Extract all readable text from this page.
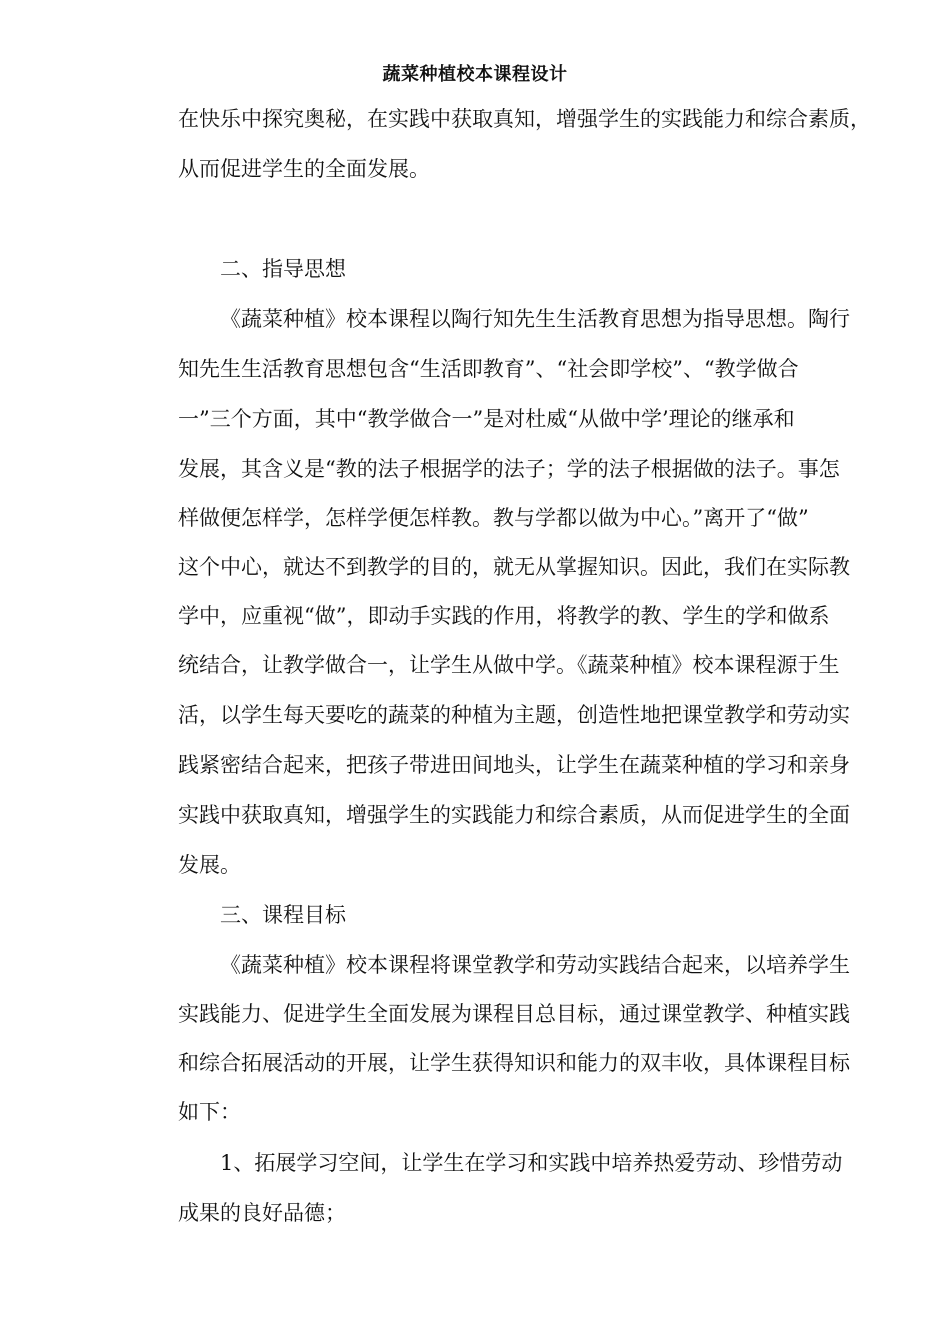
蔬菜种植校本课程设计
在快乐中探究奥秘，在实践中获取真知，增强学生的实践能力和综合素质，
从而促进学生的全面发展。
二、指导思想
《蔬菜种植》校本课程以陶行知先生生活教育思想为指导思想。陶行
知先生生活教育思想包含“生活即教育”、“社会即学校”、“教学做合
一”三个方面，其中“教学做合一”是对杜威“从做中学’理论的继承和
发展，其含义是“教的法子根据学的法子；学的法子根据做的法子。事怎
样做便怎样学，怎样学便怎样教。教与学都以做为中心。”离开了“做”
这个中心，就达不到教学的目的，就无从掌握知识。因此，我们在实际教
学中，应重视“做”，即动手实践的作用，将教学的教、学生的学和做系
统结合，让教学做合一，让学生从做中学。《蔬菜种植》校本课程源于生
活，以学生每天要吃的蔬菜的种植为主题，创造性地把课堂教学和劳动实
践紧密结合起来，把孩子带进田间地头，让学生在蔬菜种植的学习和亲身
实践中获取真知，增强学生的实践能力和综合素质，从而促进学生的全面
发展。
三、课程目标
《蔬菜种植》校本课程将课堂教学和劳动实践结合起来，以培养学生
实践能力、促进学生全面发展为课程目总目标，通过课堂教学、种植实践
和综合拓展活动的开展，让学生获得知识和能力的双丰收，具体课程目标
如下：
1、拓展学习空间，让学生在学习和实践中培养热爱劳动、珍惜劳动
成果的良好品德；
